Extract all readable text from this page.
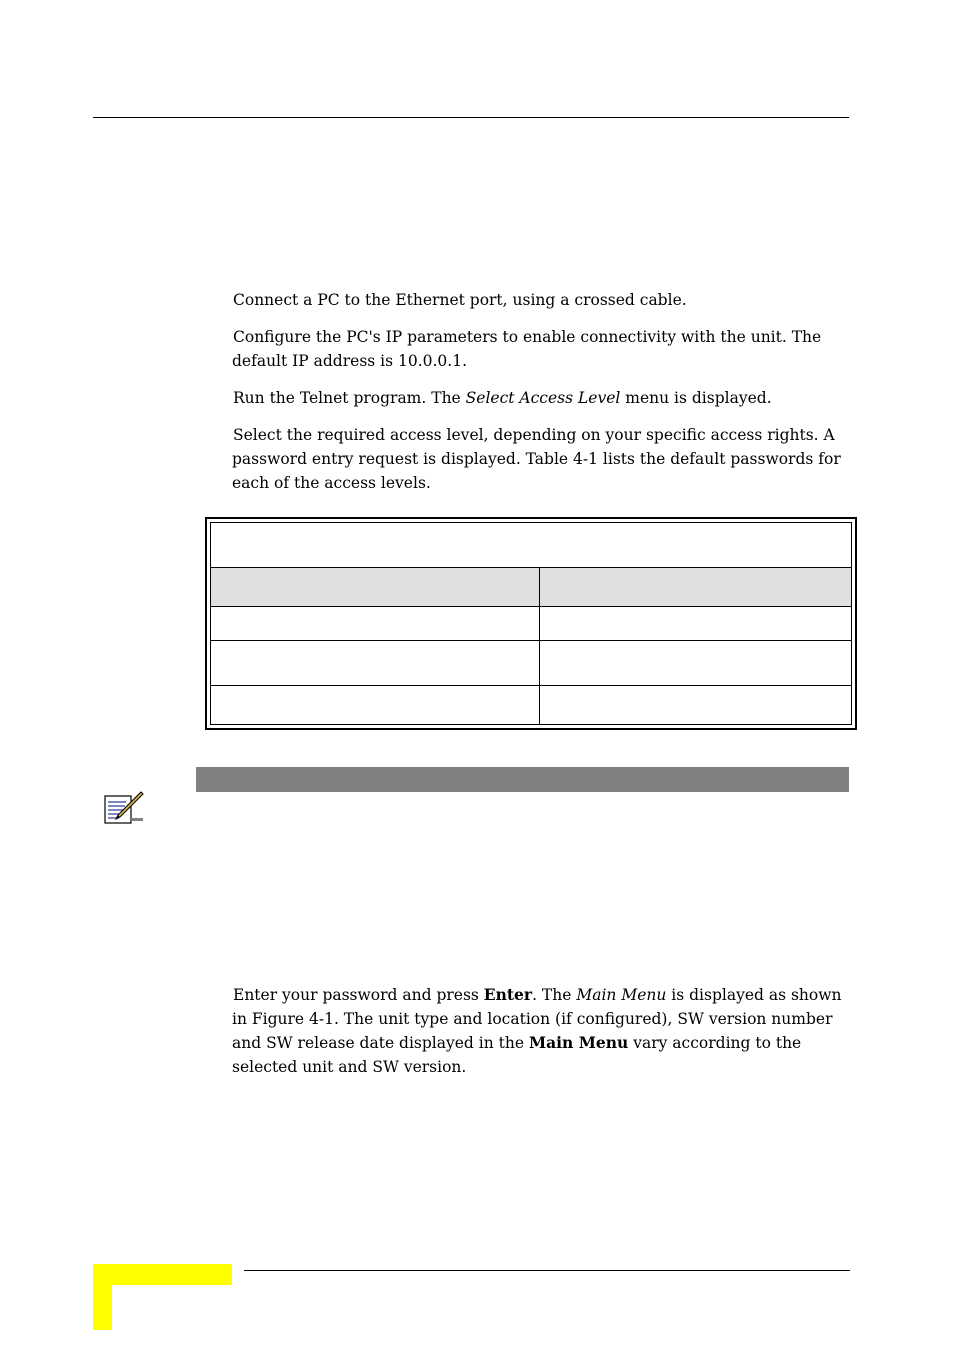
Connect a PC to the Ethernet port, using a crossed cable.

Configure the PC's IP parameters to enable connectivity with the unit. The default IP address is 10.0.0.1.

Run the Telnet program. The Select Access Level menu is displayed.

Select the required access level, depending on your specific access rights. A password entry request is displayed. Table 4-1 lists the default passwords for each of the access levels.

Enter your password and press Enter. The Main Menu is displayed as shown in Figure 4-1. The unit type and location (if configured), SW version number and SW release date displayed in the Main Menu vary according to the selected unit and SW version.
